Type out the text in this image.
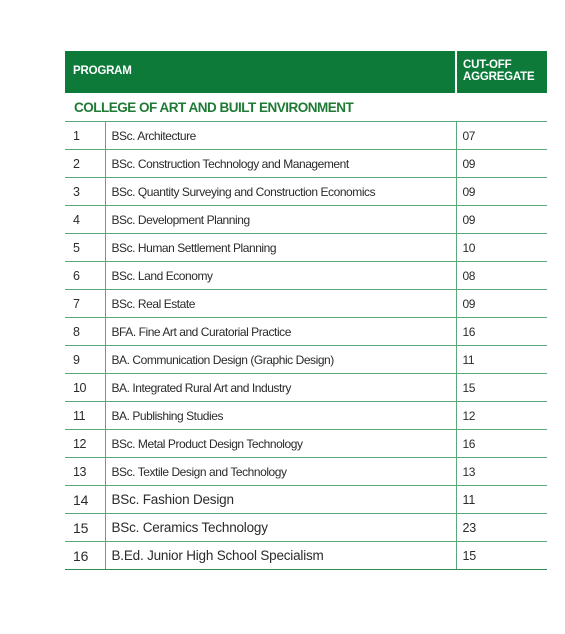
PROGRAM		CUT-OFF
AGGREGATE
COLLEGE OF ART AND BUILT ENVIRONMENT		
1	BSc. Architecture	07
2	BSc. Construction Technology and Management	09
3	BSc. Quantity Surveying and Construction Economics	09
4	BSc. Development Planning	09
5	BSc. Human Settlement Planning	10
6	BSc. Land Economy	08
7	BSc. Real Estate	09
8	BFA. Fine Art and Curatorial Practice	16
9	BA. Communication Design (Graphic Design)	11
10	BA. Integrated Rural Art and Industry	15
11	BA. Publishing Studies	12
12	BSc. Metal Product Design Technology	16
13	BSc. Textile Design and Technology	13
14	BSc. Fashion Design	11
15	BSc. Ceramics Technology	23
16	B.Ed. Junior High School Specialism	15
